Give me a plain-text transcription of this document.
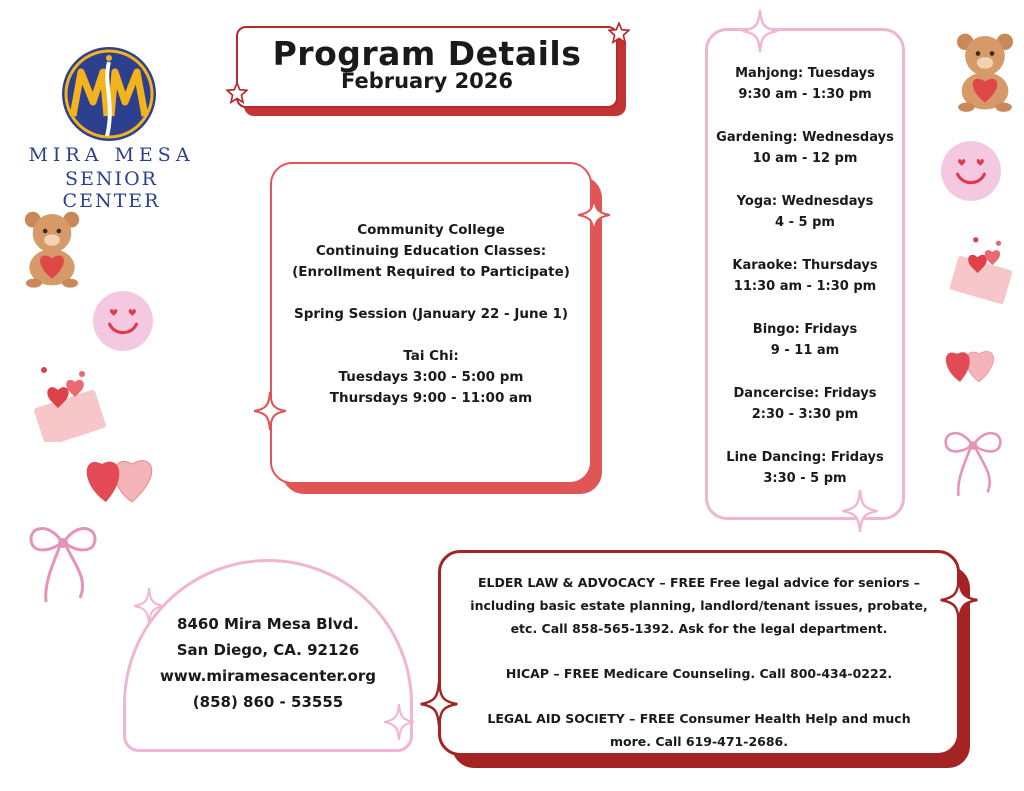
MIRA MESA
SENIOR CENTER
Program Details
February 2026
Community College
Continuing Education Classes:
(Enrollment Required to Participate)
Spring Session (January 22 - June 1)
Tai Chi:
Tuesdays 3:00 - 5:00 pm
Thursdays 9:00 - 11:00 am
Mahjong: Tuesdays
9:30 am - 1:30 pm
Gardening: Wednesdays
10 am - 12 pm
Yoga: Wednesdays
4 - 5 pm
Karaoke: Thursdays
11:30 am - 1:30 pm
Bingo: Fridays
9 - 11 am
Dancercise: Fridays
2:30 - 3:30 pm
Line Dancing: Fridays
3:30 - 5 pm
8460 Mira Mesa Blvd.
San Diego, CA. 92126
www.miramesacenter.org
(858) 860 - 53555

ELDER LAW & ADVOCACY – FREE Free legal advice for seniors – including basic estate planning, landlord/tenant issues, probate, etc. Call 858-565-1392. Ask for the legal department.

HICAP – FREE Medicare Counseling. Call 800-434-0222.

LEGAL AID SOCIETY – FREE Consumer Health Help and much more. Call 619-471-2686.
